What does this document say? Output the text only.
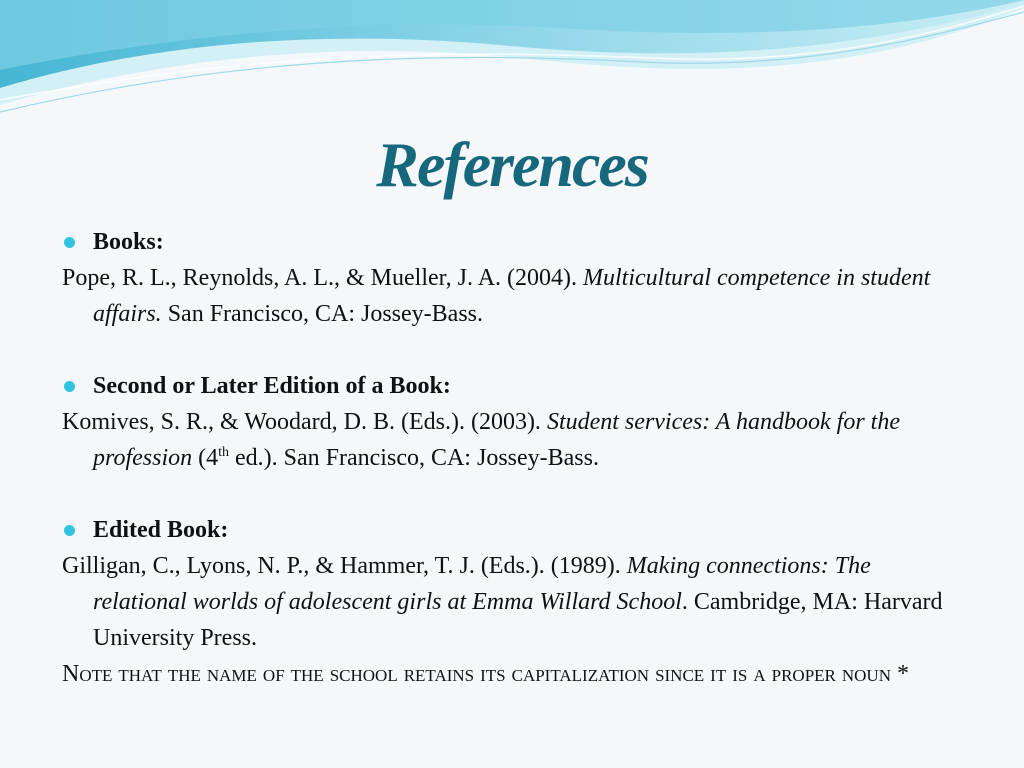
References
Books:
Pope, R. L., Reynolds, A. L., & Mueller, J. A. (2004). Multicultural competence in student affairs. San Francisco, CA: Jossey-Bass.
Second or Later Edition of a Book:
Komives, S. R., & Woodard, D. B. (Eds.). (2003). Student services: A handbook for the profession (4th ed.). San Francisco, CA: Jossey-Bass.
Edited Book:
Gilligan, C., Lyons, N. P., & Hammer, T. J. (Eds.). (1989). Making connections: The relational worlds of adolescent girls at Emma Willard School. Cambridge, MA: Harvard University Press.
Note that the name of the school retains its capitalization since it is a proper noun *
